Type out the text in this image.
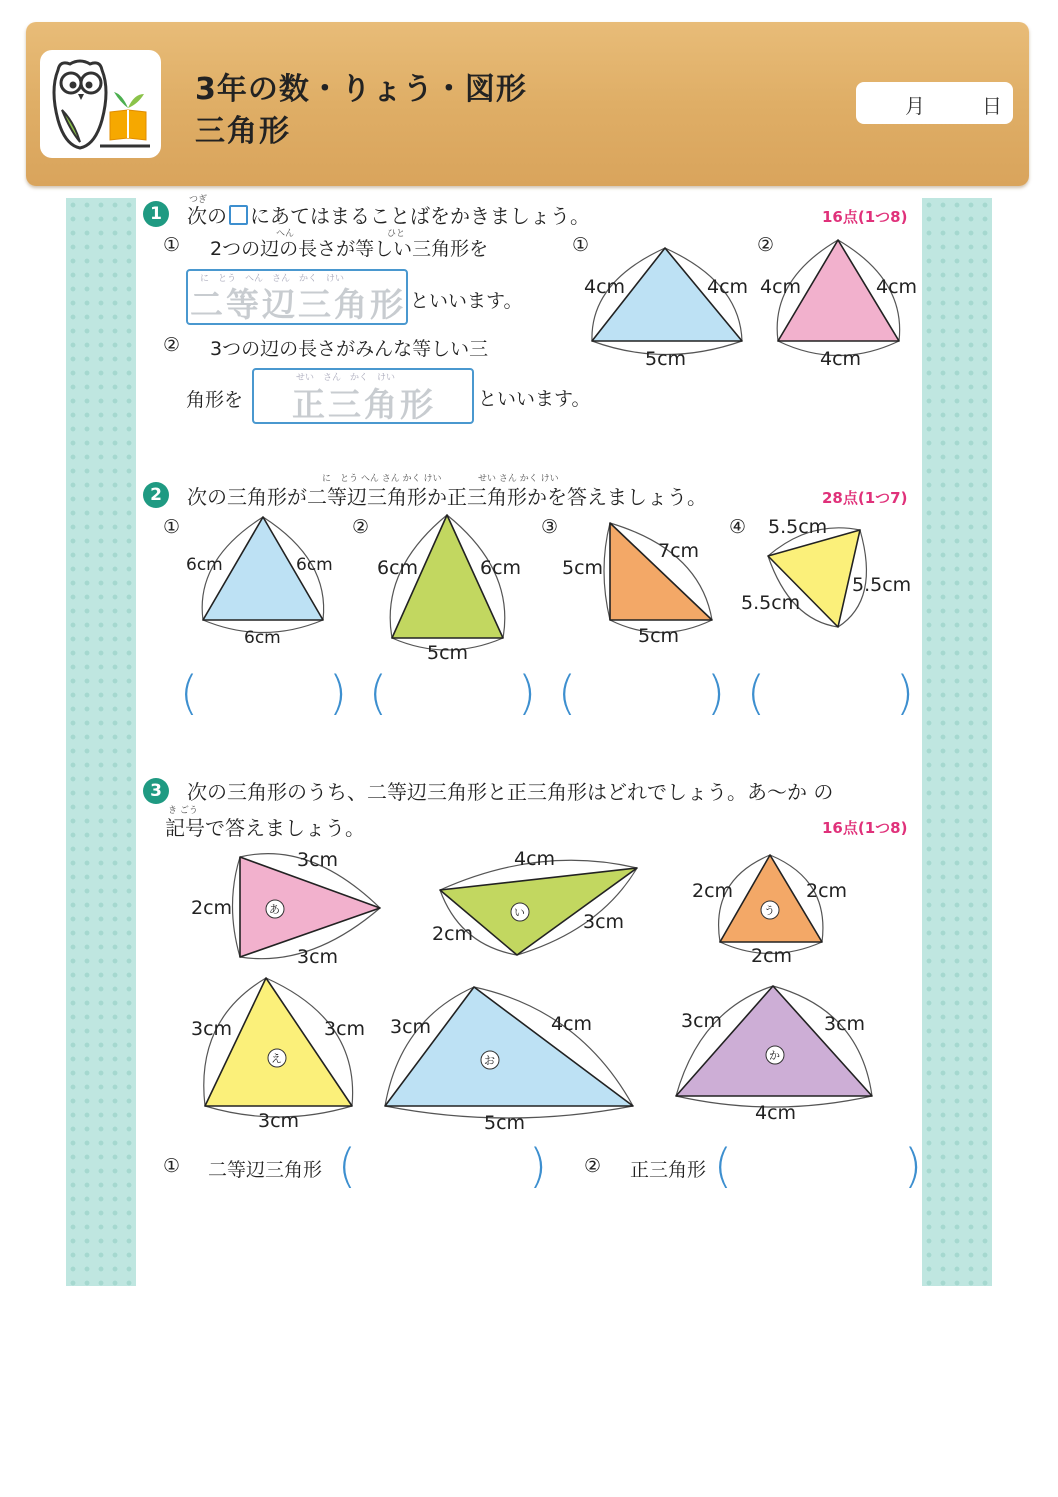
3年の数・りょう・図形
三角形
月	日
1
つぎ
次の にあてはまることばをかきましょう。	16点(1つ8)
①	へん	ひと
2つの辺の長さが等しい三角形を
に　とう　へん　さん　かく　けい
二等辺三角形 といいます。
② 3つの辺の長さがみんな等しい三
角形を
せい　さん　かく　けい
正三角形 といいます。
①	②
4cm	4cm
5cm
4cm	4cm
4cm
2
に　とう へん さん かく けい	せい さん かく けい
次の三角形が二等辺三角形か正三角形かを答えましょう。	28点(1つ7)
①	②	③	④
6cm	6cm
6cm
6cm	6cm
5cm
5cm
7cm
5cm
5.5cm
5.5cm
5.5cm
(	) (	) (	) (	)
3	次の三角形のうち、二等辺三角形と正三角形はどれでしょう。あ〜か の
き ごう
記号で答えましょう。	16点(1つ8)
あ	い	う
え	お	か
3cm
2cm
3cm
4cm
2cm
3cm
2cm	2cm
2cm
3cm	3cm
3cm
3cm	4cm
5cm
3cm	3cm
4cm
① 二等辺三角形 (	) ② 正三角形 (	)
